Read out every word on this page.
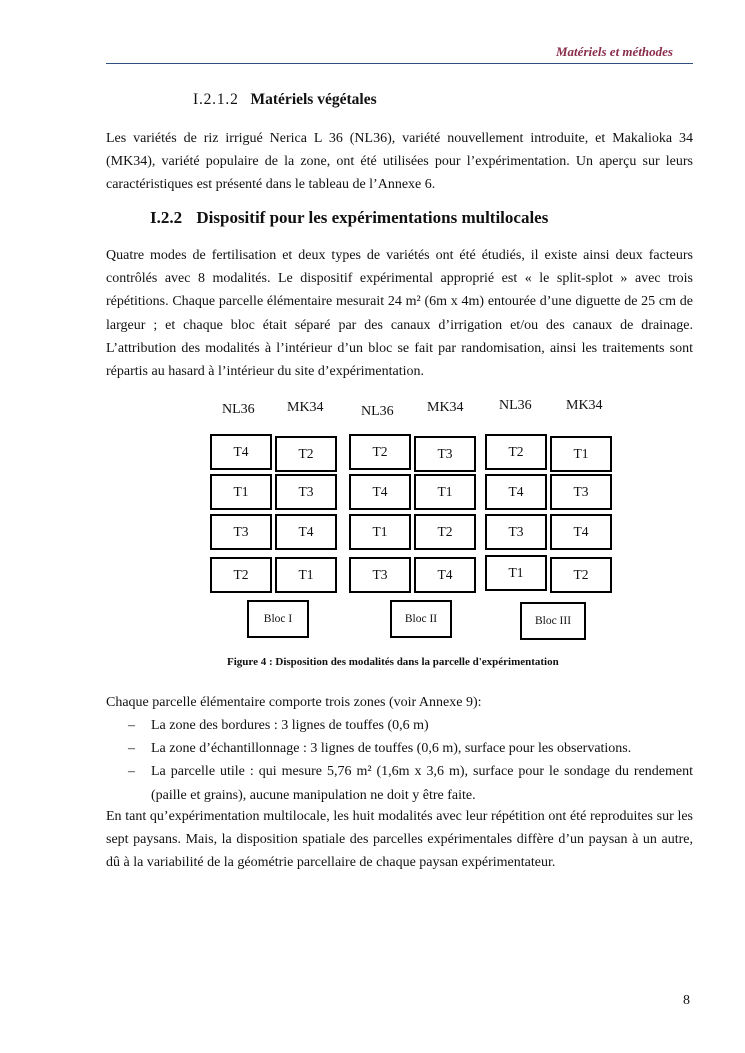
Matériels et méthodes
I.2.1.2 Matériels végétales

Les variétés de riz irrigué Nerica L 36 (NL36), variété nouvellement introduite, et Makalioka 34 (MK34), variété populaire de la zone, ont été utilisées pour l’expérimentation. Un aperçu sur leurs caractéristiques est présenté dans le tableau de l’Annexe 6.

I.2.2 Dispositif pour les expérimentations multilocales

Quatre modes de fertilisation et deux types de variétés ont été étudiés, il existe ainsi deux facteurs contrôlés avec 8 modalités. Le dispositif expérimental approprié est « le split-splot » avec trois répétitions. Chaque parcelle élémentaire mesurait 24 m² (6m x 4m) entourée d’une diguette de 25 cm de largeur ; et chaque bloc était séparé par des canaux d’irrigation et/ou des canaux de drainage. L’attribution des modalités à l’intérieur d’un bloc se fait par randomisation, ainsi les traitements sont répartis au hasard à l’intérieur du site d’expérimentation.

NL36 MK34
T4	T2
T1	T3
T3	T4
T2	T1
Bloc I
NL36 MK34
T2	T3
T4	T1
T1	T2
T3	T4
Bloc II
NL36 MK34
T2	T1
T4	T3
T3	T4
T1	T2
Bloc III
Figure 4 : Disposition des modalités dans la parcelle d'expérimentation

Chaque parcelle élémentaire comporte trois zones (voir Annexe 9):

– La zone des bordures : 3 lignes de touffes (0,6 m)
– La zone d’échantillonnage : 3 lignes de touffes (0,6 m), surface pour les observations.
– La parcelle utile : qui mesure 5,76 m² (1,6m x 3,6 m), surface pour le sondage du rendement (paille et grains), aucune manipulation ne doit y être faite.

En tant qu’expérimentation multilocale, les huit modalités avec leur répétition ont été reproduites sur les sept paysans. Mais, la disposition spatiale des parcelles expérimentales diffère d’un paysan à un autre, dû à la variabilité de la géométrie parcellaire de chaque paysan expérimentateur.

8
